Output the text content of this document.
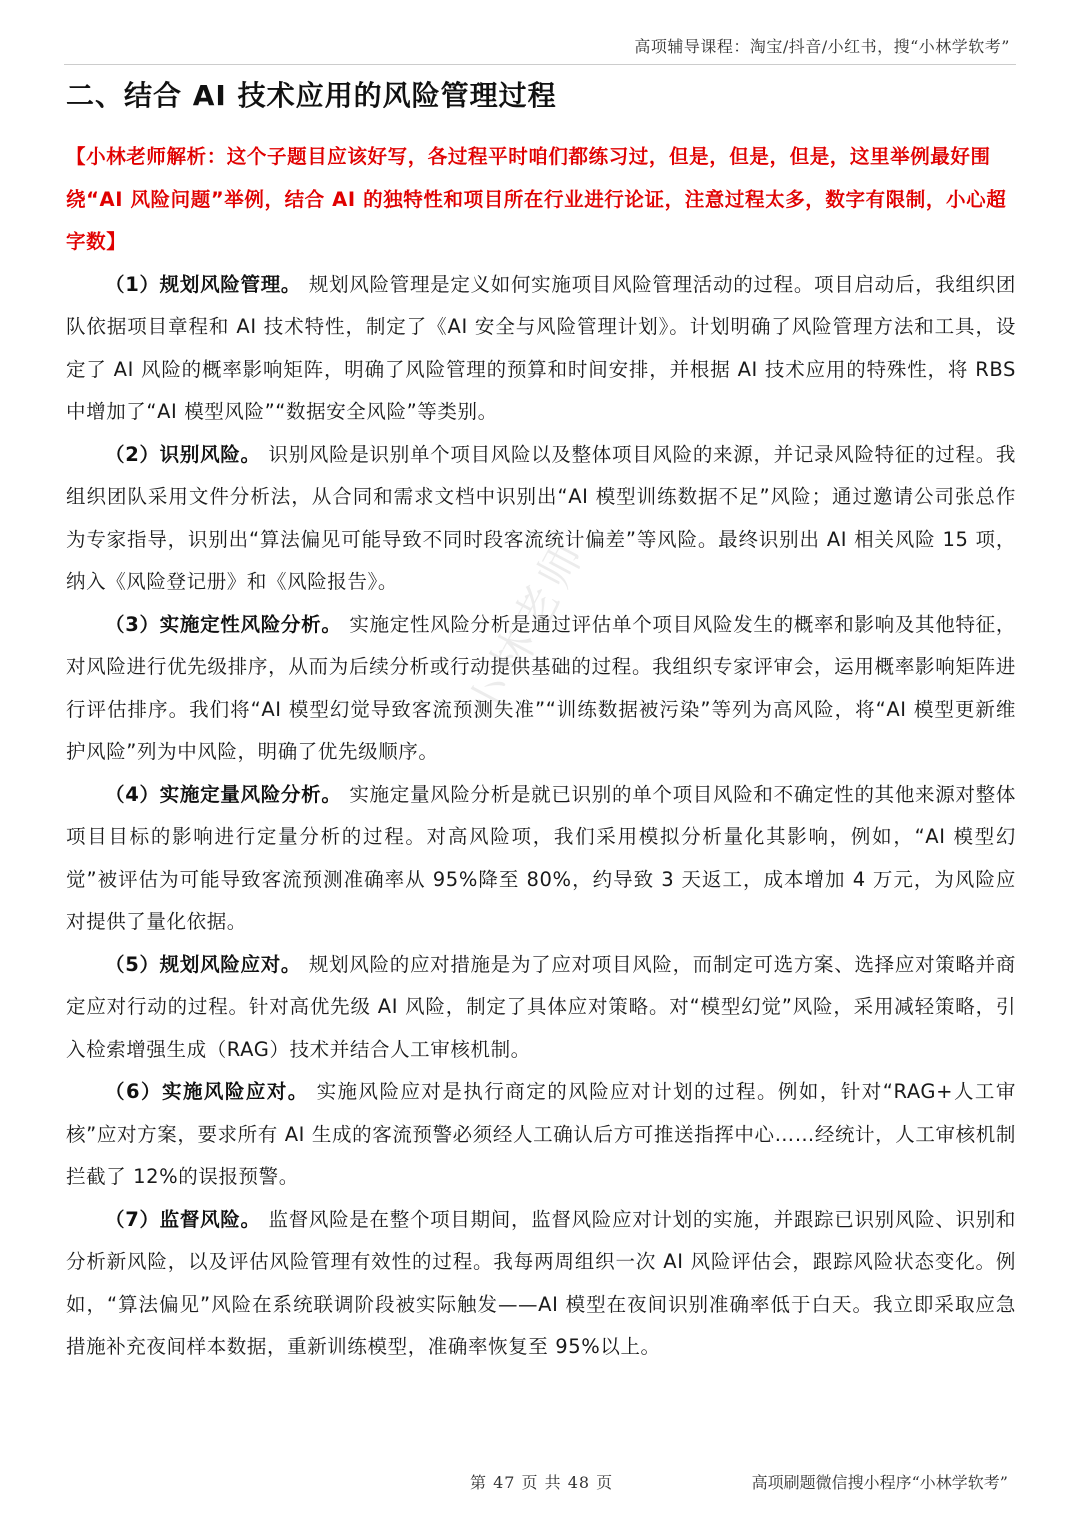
高项辅导课程：淘宝/抖音/小红书，搜“小林学软考”
二、结合 AI 技术应用的风险管理过程

【小林老师解析：这个子题目应该好写，各过程平时咱们都练习过，但是，但是，但是，这里举例最好围绕“AI 风险问题”举例，结合 AI 的独特性和项目所在行业进行论证，注意过程太多，数字有限制，小心超字数】

（1）规划风险管理。 规划风险管理是定义如何实施项目风险管理活动的过程。项目启动后，我组织团队依据项目章程和 AI 技术特性，制定了《AI 安全与风险管理计划》。计划明确了风险管理方法和工具，设定了 AI 风险的概率影响矩阵，明确了风险管理的预算和时间安排，并根据 AI 技术应用的特殊性，将 RBS 中增加了“AI 模型风险”“数据安全风险”等类别。

（2）识别风险。 识别风险是识别单个项目风险以及整体项目风险的来源，并记录风险特征的过程。我组织团队采用文件分析法，从合同和需求文档中识别出“AI 模型训练数据不足”风险；通过邀请公司张总作为专家指导，识别出“算法偏见可能导致不同时段客流统计偏差”等风险。最终识别出 AI 相关风险 15 项，纳入《风险登记册》和《风险报告》。

（3）实施定性风险分析。 实施定性风险分析是通过评估单个项目风险发生的概率和影响及其他特征，对风险进行优先级排序，从而为后续分析或行动提供基础的过程。我组织专家评审会，运用概率影响矩阵进行评估排序。我们将“AI 模型幻觉导致客流预测失准”“训练数据被污染”等列为高风险，将“AI 模型更新维护风险”列为中风险，明确了优先级顺序。

（4）实施定量风险分析。 实施定量风险分析是就已识别的单个项目风险和不确定性的其他来源对整体项目目标的影响进行定量分析的过程。对高风险项，我们采用模拟分析量化其影响，例如，“AI 模型幻觉”被评估为可能导致客流预测准确率从 95%降至 80%，约导致 3 天返工，成本增加 4 万元，为风险应对提供了量化依据。

（5）规划风险应对。 规划风险的应对措施是为了应对项目风险，而制定可选方案、选择应对策略并商定应对行动的过程。针对高优先级 AI 风险，制定了具体应对策略。对“模型幻觉”风险，采用减轻策略，引入检索增强生成（RAG）技术并结合人工审核机制。

（6）实施风险应对。 实施风险应对是执行商定的风险应对计划的过程。例如，针对“RAG+人工审核”应对方案，要求所有 AI 生成的客流预警必须经人工确认后方可推送指挥中心……经统计，人工审核机制拦截了 12%的误报预警。

（7）监督风险。 监督风险是在整个项目期间，监督风险应对计划的实施，并跟踪已识别风险、识别和分析新风险，以及评估风险管理有效性的过程。我每两周组织一次 AI 风险评估会，跟踪风险状态变化。例如，“算法偏见”风险在系统联调阶段被实际触发——AI 模型在夜间识别准确率低于白天。我立即采取应急措施补充夜间样本数据，重新训练模型，准确率恢复至 95%以上。

小林老师
第 47 页 共 48 页	高项刷题微信搜小程序“小林学软考”
